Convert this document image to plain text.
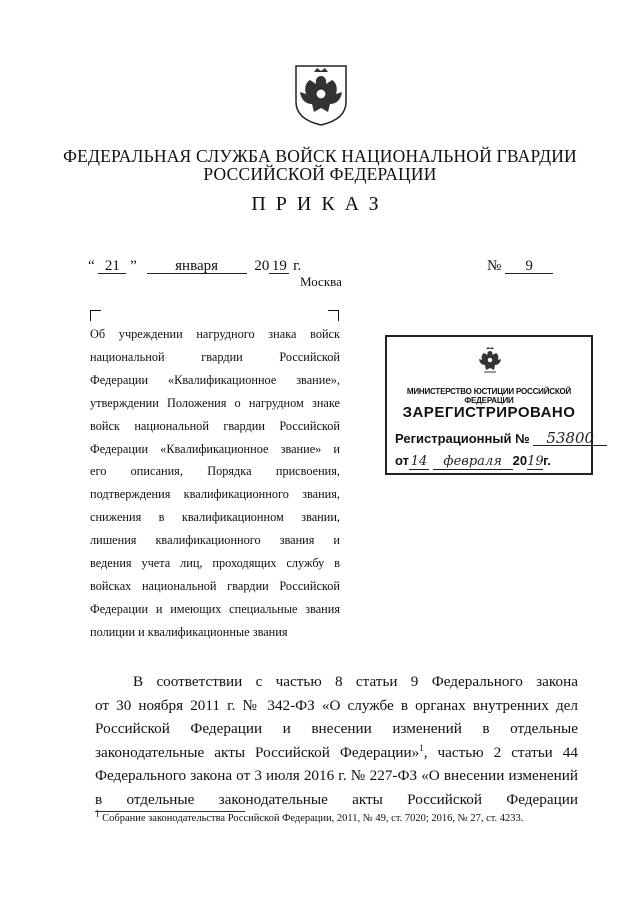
ФЕДЕРАЛЬНАЯ СЛУЖБА ВОЙСК НАЦИОНАЛЬНОЙ ГВАРДИИ
РОССИЙСКОЙ ФЕДЕРАЦИИ
ПРИКАЗ
“ 21 ”	января 20 19 г.	№ 9
Москва
Об учреждении нагрудного знака войск
национальной гвардии Российской
Федерации «Квалификационное звание»,
утверждении Положения о нагрудном знаке
войск национальной гвардии Российской
Федерации «Квалификационное звание» и
его описания, Порядка присвоения,
подтверждения квалификационного звания,
снижения в квалификационном звании,
лишения квалификационного звания и
ведения учета лиц, проходящих службу в
войсках национальной гвардии Российской
Федерации и имеющих специальные звания
полиции и квалификационные звания
МИНИСТЕРСТВО ЮСТИЦИИ РОССИЙСКОЙ ФЕДЕРАЦИИ
ЗАРЕГИСТРИРОВАНО
Регистрационный № 53800
от 14 февраля 2019г.
В соответствии с частью 8 статьи 9 Федерального закона
от 30 ноября 2011 г. № 342-ФЗ «О службе в органах внутренних дел
Российской Федерации и внесении изменений в отдельные
законодательные акты Российской Федерации»$^1$, частью 2 статьи 44
Федерального закона от 3 июля 2016 г. № 227-ФЗ «О внесении изменений
в отдельные законодательные акты Российской Федерации
$^1$ Собрание законодательства Российской Федерации, 2011, № 49, ст. 7020; 2016, № 27, ст. 4233.
